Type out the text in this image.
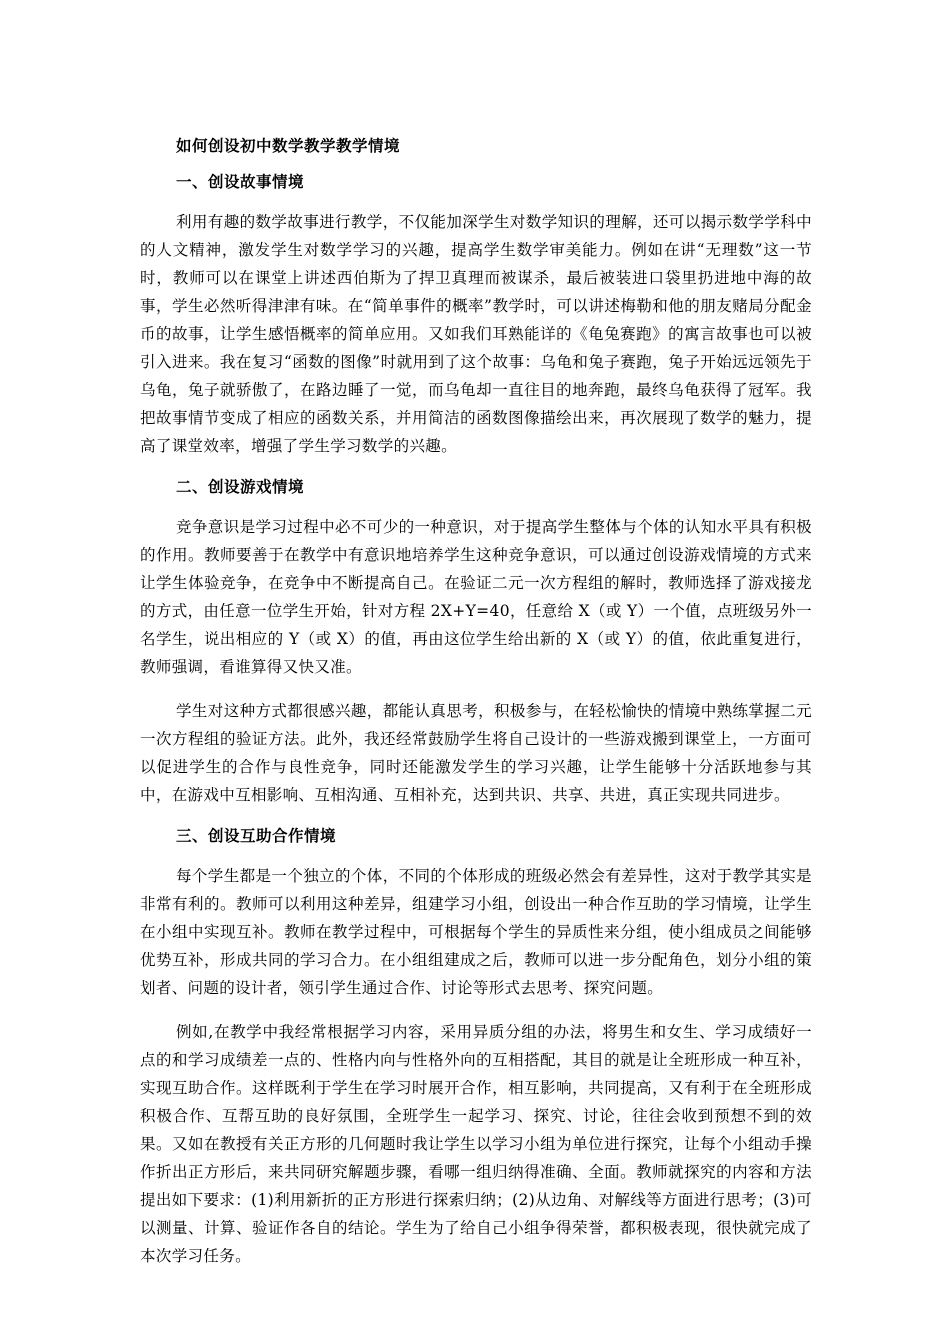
如何创设初中数学教学教学情境

一、创设故事情境

利用有趣的数学故事进行教学，不仅能加深学生对数学知识的理解，还可以揭示数学学科中的人文精神，激发学生对数学学习的兴趣，提高学生数学审美能力。例如在讲“无理数”这一节时，教师可以在课堂上讲述西伯斯为了捍卫真理而被谋杀，最后被装进口袋里扔进地中海的故事，学生必然听得津津有味。在“简单事件的概率”教学时，可以讲述梅勒和他的朋友赌局分配金币的故事，让学生感悟概率的简单应用。又如我们耳熟能详的《龟兔赛跑》的寓言故事也可以被引入进来。我在复习“函数的图像”时就用到了这个故事：乌龟和兔子赛跑，兔子开始远远领先于乌龟，兔子就骄傲了，在路边睡了一觉，而乌龟却一直往目的地奔跑，最终乌龟获得了冠军。我把故事情节变成了相应的函数关系，并用简洁的函数图像描绘出来，再次展现了数学的魅力，提高了课堂效率，增强了学生学习数学的兴趣。

二、创设游戏情境

竞争意识是学习过程中必不可少的一种意识，对于提高学生整体与个体的认知水平具有积极的作用。教师要善于在教学中有意识地培养学生这种竞争意识，可以通过创设游戏情境的方式来让学生体验竞争，在竞争中不断提高自己。在验证二元一次方程组的解时，教师选择了游戏接龙的方式，由任意一位学生开始，针对方程 2X+Y=40，任意给 X（或 Y）一个值，点班级另外一名学生，说出相应的 Y（或 X）的值，再由这位学生给出新的 X（或 Y）的值，依此重复进行，教师强调，看谁算得又快又准。

学生对这种方式都很感兴趣，都能认真思考，积极参与，在轻松愉快的情境中熟练掌握二元一次方程组的验证方法。此外，我还经常鼓励学生将自己设计的一些游戏搬到课堂上，一方面可以促进学生的合作与良性竞争，同时还能激发学生的学习兴趣，让学生能够十分活跃地参与其中，在游戏中互相影响、互相沟通、互相补充，达到共识、共享、共进，真正实现共同进步。

三、创设互助合作情境

每个学生都是一个独立的个体，不同的个体形成的班级必然会有差异性，这对于教学其实是非常有利的。教师可以利用这种差异，组建学习小组，创设出一种合作互助的学习情境，让学生在小组中实现互补。教师在教学过程中，可根据每个学生的异质性来分组，使小组成员之间能够优势互补，形成共同的学习合力。在小组组建成之后，教师可以进一步分配角色，划分小组的策划者、问题的设计者，领引学生通过合作、讨论等形式去思考、探究问题。

例如,在教学中我经常根据学习内容，采用异质分组的办法，将男生和女生、学习成绩好一点的和学习成绩差一点的、性格内向与性格外向的互相搭配，其目的就是让全班形成一种互补，实现互助合作。这样既利于学生在学习时展开合作，相互影响，共同提高，又有利于在全班形成积极合作、互帮互助的良好氛围，全班学生一起学习、探究、讨论，往往会收到预想不到的效果。又如在教授有关正方形的几何题时我让学生以学习小组为单位进行探究，让每个小组动手操作折出正方形后，来共同研究解题步骤，看哪一组归纳得准确、全面。教师就探究的内容和方法提出如下要求：(1)利用新折的正方形进行探索归纳；(2)从边角、对解线等方面进行思考；(3)可以测量、计算、验证作各自的结论。学生为了给自己小组争得荣誉，都积极表现，很快就完成了本次学习任务。
